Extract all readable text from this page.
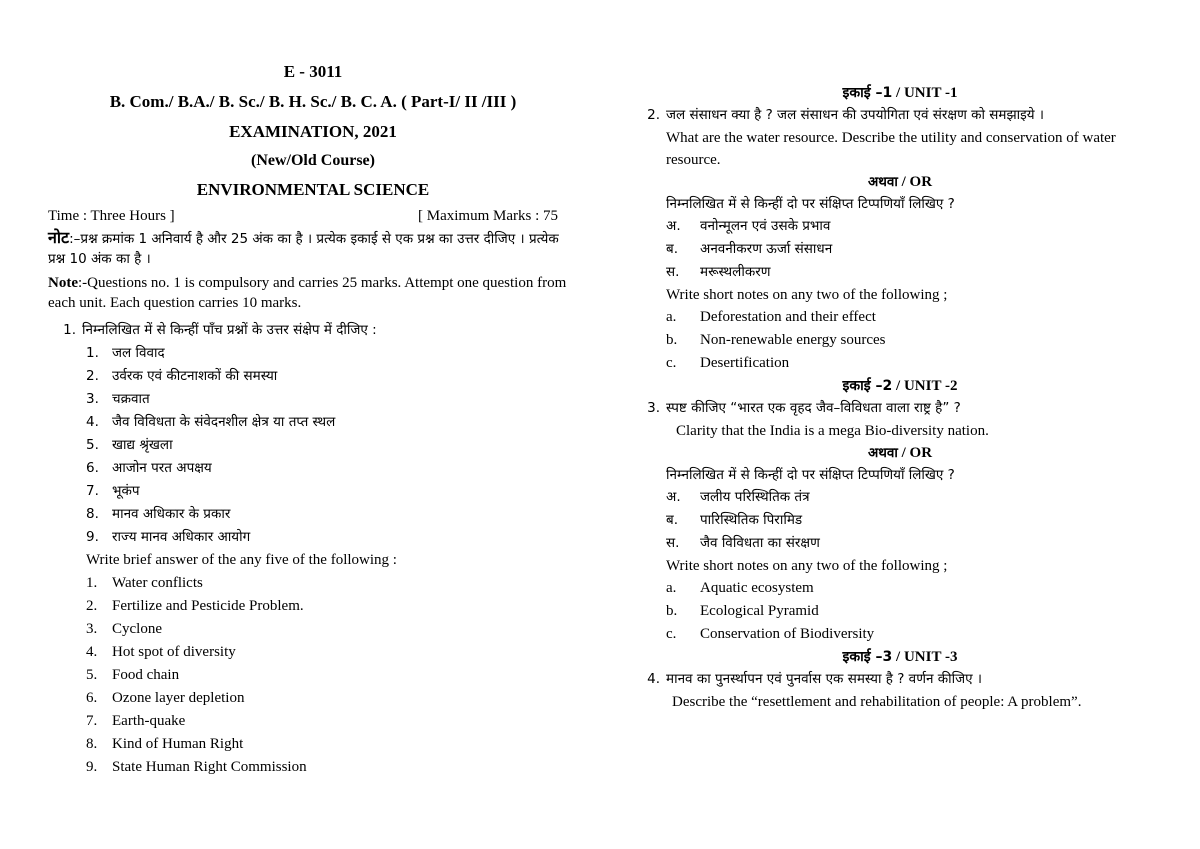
E - 3011
B. Com./ B.A./ B. Sc./ B. H. Sc./ B. C. A. ( Part-I/ II /III )
EXAMINATION, 2021
(New/Old Course)
ENVIRONMENTAL SCIENCE
Time : Three Hours ]	[ Maximum Marks : 75
नोट:–प्रश्न क्रमांक 1 अनिवार्य है और 25 अंक का है । प्रत्येक इकाई से एक प्रश्न का उत्तर दीजिए । प्रत्येक प्रश्न 10 अंक का है ।
Note:-Questions no. 1 is compulsory and carries 25 marks. Attempt one question from each unit. Each question carries 10 marks.
1. निम्नलिखित में से किन्हीं पाँच प्रश्नों के उत्तर संक्षेप में दीजिए :
1. जल विवाद
2. उर्वरक एवं कीटनाशकों की समस्या
3. चक्रवात
4. जैव विविधता के संवेदनशील क्षेत्र या तप्त स्थल
5. खाद्य श्रृंखला
6. आजोन परत अपक्षय
7. भूकंप
8. मानव अधिकार के प्रकार
9. राज्य मानव अधिकार आयोग
Write brief answer of the any five of the following :
1. Water conflicts
2. Fertilize and Pesticide Problem.
3. Cyclone
4. Hot spot of diversity
5. Food chain
6. Ozone layer depletion
7. Earth-quake
8. Kind of Human Right
9. State Human Right Commission
इकाई –1 / UNIT -1
2. जल संसाधन क्या है ? जल संसाधन की उपयोगिता एवं संरक्षण को समझाइये ।
What are the water resource. Describe the utility and conservation of water resource.
अथवा / OR
निम्नलिखित में से किन्हीं दो पर संक्षिप्त टिप्पणियाँ लिखिए ?
अ.	वनोन्मूलन एवं उसके प्रभाव
ब.	अनवनीकरण ऊर्जा संसाधन
स.	मरूस्थलीकरण
Write short notes on any two of the following ;
a.	Deforestation and their effect
b.	Non-renewable energy sources
c.	Desertification
इकाई –2 / UNIT -2
3. स्पष्ट कीजिए “भारत एक वृहद जैव–विविधता वाला राष्ट्र है” ?
Clarity that the India is a mega Bio-diversity nation.
अथवा / OR
निम्नलिखित में से किन्हीं दो पर संक्षिप्त टिप्पणियाँ लिखिए ?
अ.	जलीय परिस्थितिक तंत्र
ब.	पारिस्थितिक पिरामिड
स.	जैव विविधता का संरक्षण
Write short notes on any two of the following ;
a.	Aquatic ecosystem
b.	Ecological Pyramid
c.	Conservation of Biodiversity
इकाई –3 / UNIT -3
4. मानव का पुनर्स्थापन एवं पुनर्वास एक समस्या है ? वर्णन कीजिए ।
Describe the “resettlement and rehabilitation of people: A problem”.
